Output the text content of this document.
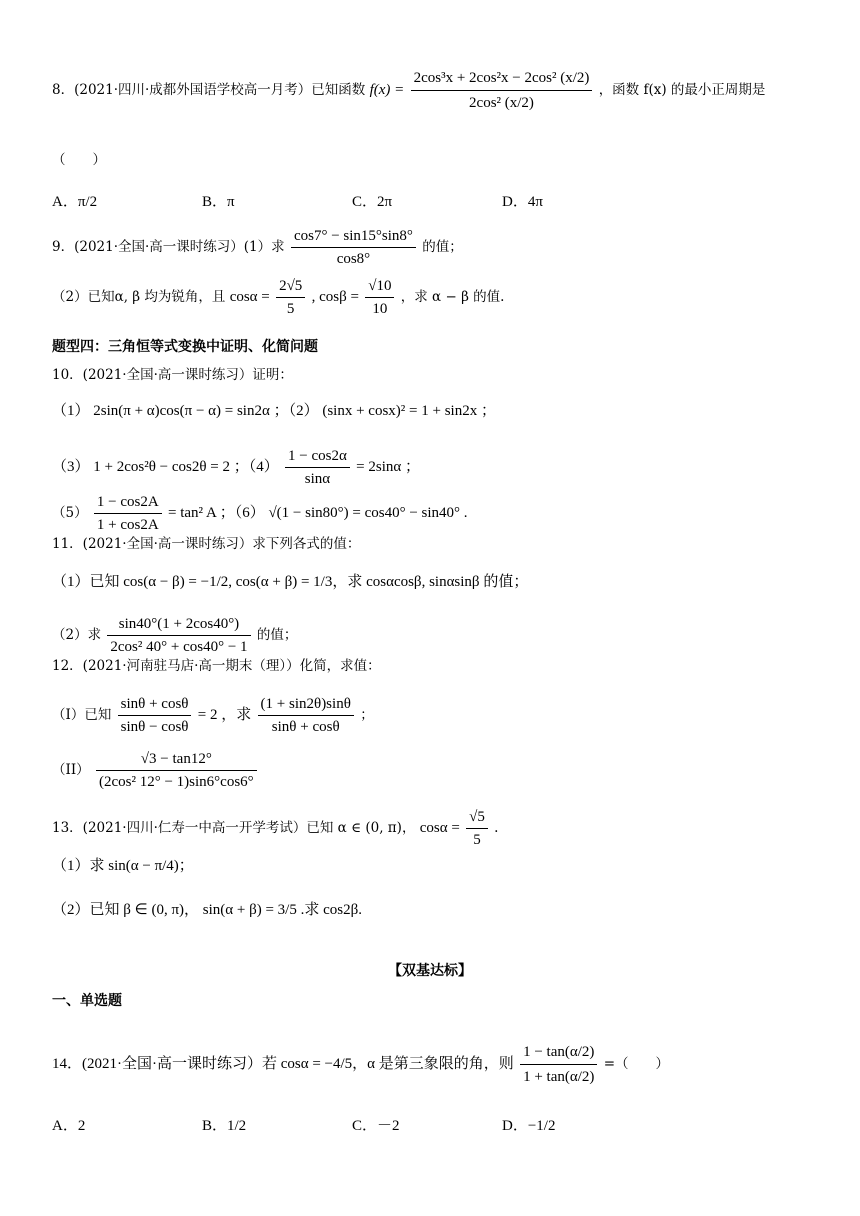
8．(2021·四川·成都外国语学校高一月考）已知函数 $f(x) = \frac{\text{2cos³x + 2cos²x − 2cos² (x/2)}}{\text{2cos² (x/2)}}$ ，函数 f(x) 的最小正周期是
（　　）
A．π/2	B．π	C．2π	D．4π
9．(2021·全国·高一课时练习）(1）求 $\frac{\cos 7^\circ - \sin 15^\circ\sin 8^\circ}{\cos 8^\circ}$ 的值；
（2）已知α, β 均为锐角，且 $\cos\alpha = \frac{2√5}{5}$ , $\cos\beta = \frac{√10}{10}$ ，求 α − β 的值.
题型四：三角恒等式变换中证明、化简问题
10．(2021·全国·高一课时练习）证明：
（1） 2sin(π + α)cos(π − α) = sin2α ；（2） (sinx + cosx)² = 1 + sin2x ；
（3） 1 + 2cos²θ − cos2θ = 2 ；$(4) \frac{1 - \cos 2\alpha}{\sin\alpha} = 2\sin\alpha$ ；
$(5) \frac{1 - \cos 2A}{1 + \cos 2A} = \tan^2$ A ；（6） √(1 − sin80°) = cos40° − sin40° .
11．(2021·全国·高一课时练习）求下列各式的值：
（1）已知 cos(α − β) = −1/2, cos(α + β) = 1/3，求 cosαcosβ, sinαsinβ 的值；
（2）求 $\frac{\sin 40^\circ(1 + 2\cos 40^\circ)}{\text{2cos² 40° + cos40° − 1}}$ 的值；
12．(2021·河南驻马店·高一期末（理））化简，求值：
（I）已知 $\frac{\sin\theta + \cos\theta}{\sin\theta - \cos\theta} = 2$ ，求 $\frac{(1 + \sin 2\theta)\sin\theta}{\sin\theta + \cos\theta}$ ；
$(II) \frac{√3 - \tan 12^\circ}{\text{(2cos² 12° − 1)sin6°cos6°}}$
13．(2021·四川·仁寿一中高一开学考试）已知 α ∈ (0, π)， $\cos\alpha = \frac{√5}{5}$ .
（1）求 sin(α − π/4)；
（2）已知 β ∈ (0, π)， sin(α + β) = 3/5 .求 cos2β.
【双基达标】
一、单选题
14．(2021·全国·高一课时练习）若 cosα = −4/5，α 是第三象限的角，则 $\frac{1 - \tan(\alpha/2)}{1 + \tan(\alpha/2)}$ =（　　）
A．2	B．1/2	C．－2	D．−1/2
